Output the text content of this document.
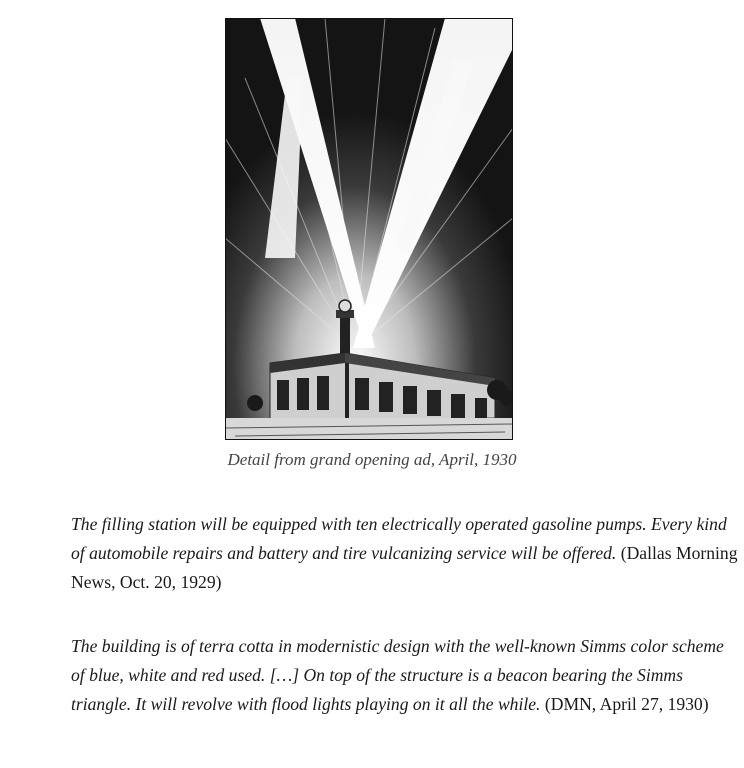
Detail from grand opening ad, April, 1930

The filling station will be equipped with ten electrically operated gasoline pumps. Every kind of automobile repairs and battery and tire vulcanizing service will be offered. (Dallas Morning News, Oct. 20, 1929)

The building is of terra cotta in modernistic design with the well-known Simms color scheme of blue, white and red used. […] On top of the structure is a beacon bearing the Simms triangle. It will revolve with flood lights playing on it all the while. (DMN, April 27, 1930)
